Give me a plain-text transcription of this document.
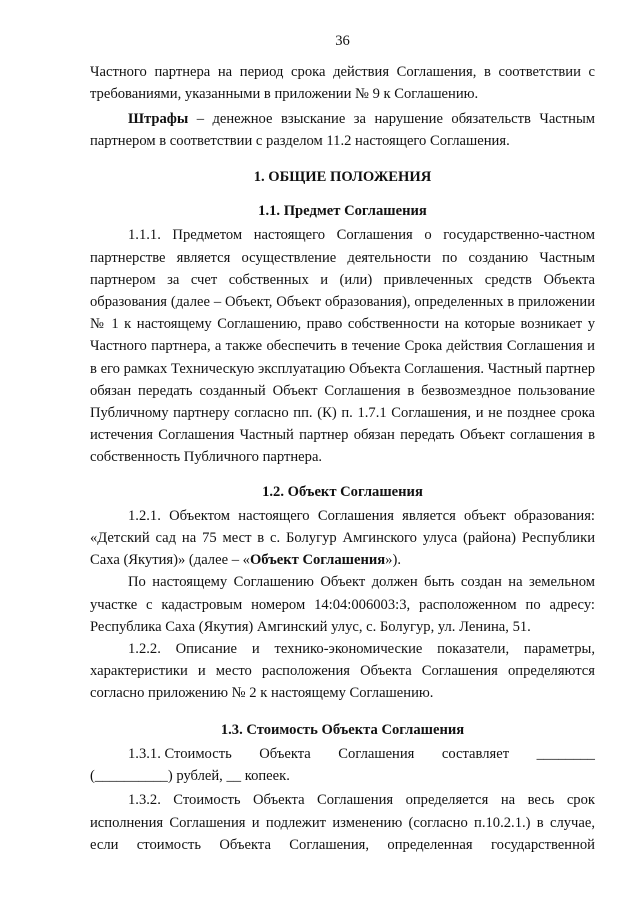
36

Частного партнера на период срока действия Соглашения, в соответствии с требованиями, указанными в приложении № 9 к Соглашению.

Штрафы – денежное взыскание за нарушение обязательств Частным партнером в соответствии с разделом 11.2 настоящего Соглашения.

1. ОБЩИЕ ПОЛОЖЕНИЯ
1.1. Предмет Соглашения

1.1.1. Предметом настоящего Соглашения о государственно-частном партнерстве является осуществление деятельности по созданию Частным партнером за счет собственных и (или) привлеченных средств Объекта образования (далее – Объект, Объект образования), определенных в приложении № 1 к настоящему Соглашению, право собственности на которые возникает у Частного партнера, а также обеспечить в течение Срока действия Соглашения и в его рамках Техническую эксплуатацию Объекта Соглашения. Частный партнер обязан передать созданный Объект Соглашения в безвозмездное пользование Публичному партнеру согласно пп. (К) п. 1.7.1 Соглашения, и не позднее срока истечения Соглашения Частный партнер обязан передать Объект соглашения в собственность Публичного партнера.

1.2. Объект Соглашения

1.2.1. Объектом настоящего Соглашения является объект образования: «Детский сад на 75 мест в с. Болугур Амгинского улуса (района) Республики Саха (Якутия)» (далее – «Объект Соглашения»).

По настоящему Соглашению Объект должен быть создан на земельном участке с кадастровым номером 14:04:006003:3, расположенном по адресу: Республика Саха (Якутия) Амгинский улус, с. Болугур, ул. Ленина, 51.

1.2.2. Описание и технико-экономические показатели, параметры, характеристики и место расположения Объекта Соглашения определяются согласно приложению № 2 к настоящему Соглашению.

1.3. Стоимость Объекта Соглашения
1.3.1. Стоимость Объекта Соглашения составляет ________

(__________) рублей, __ копеек.

1.3.2. Стоимость Объекта Соглашения определяется на весь срок исполнения Соглашения и подлежит изменению (согласно п.10.2.1.) в случае, если стоимость Объекта Соглашения, определенная государственной
